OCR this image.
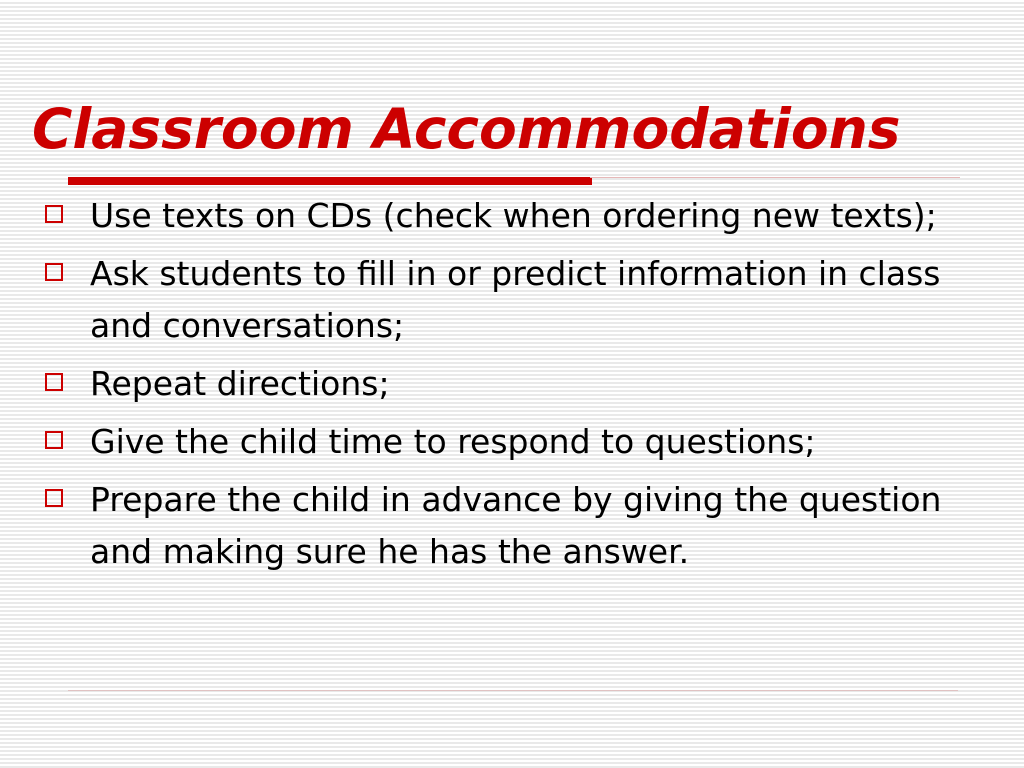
Classroom Accommodations
Use texts on CDs (check when ordering new texts);
Ask students to fill in or predict information in class and conversations;
Repeat directions;
Give the child time to respond to questions;
Prepare the child in advance by giving the question and making sure he has the answer.
